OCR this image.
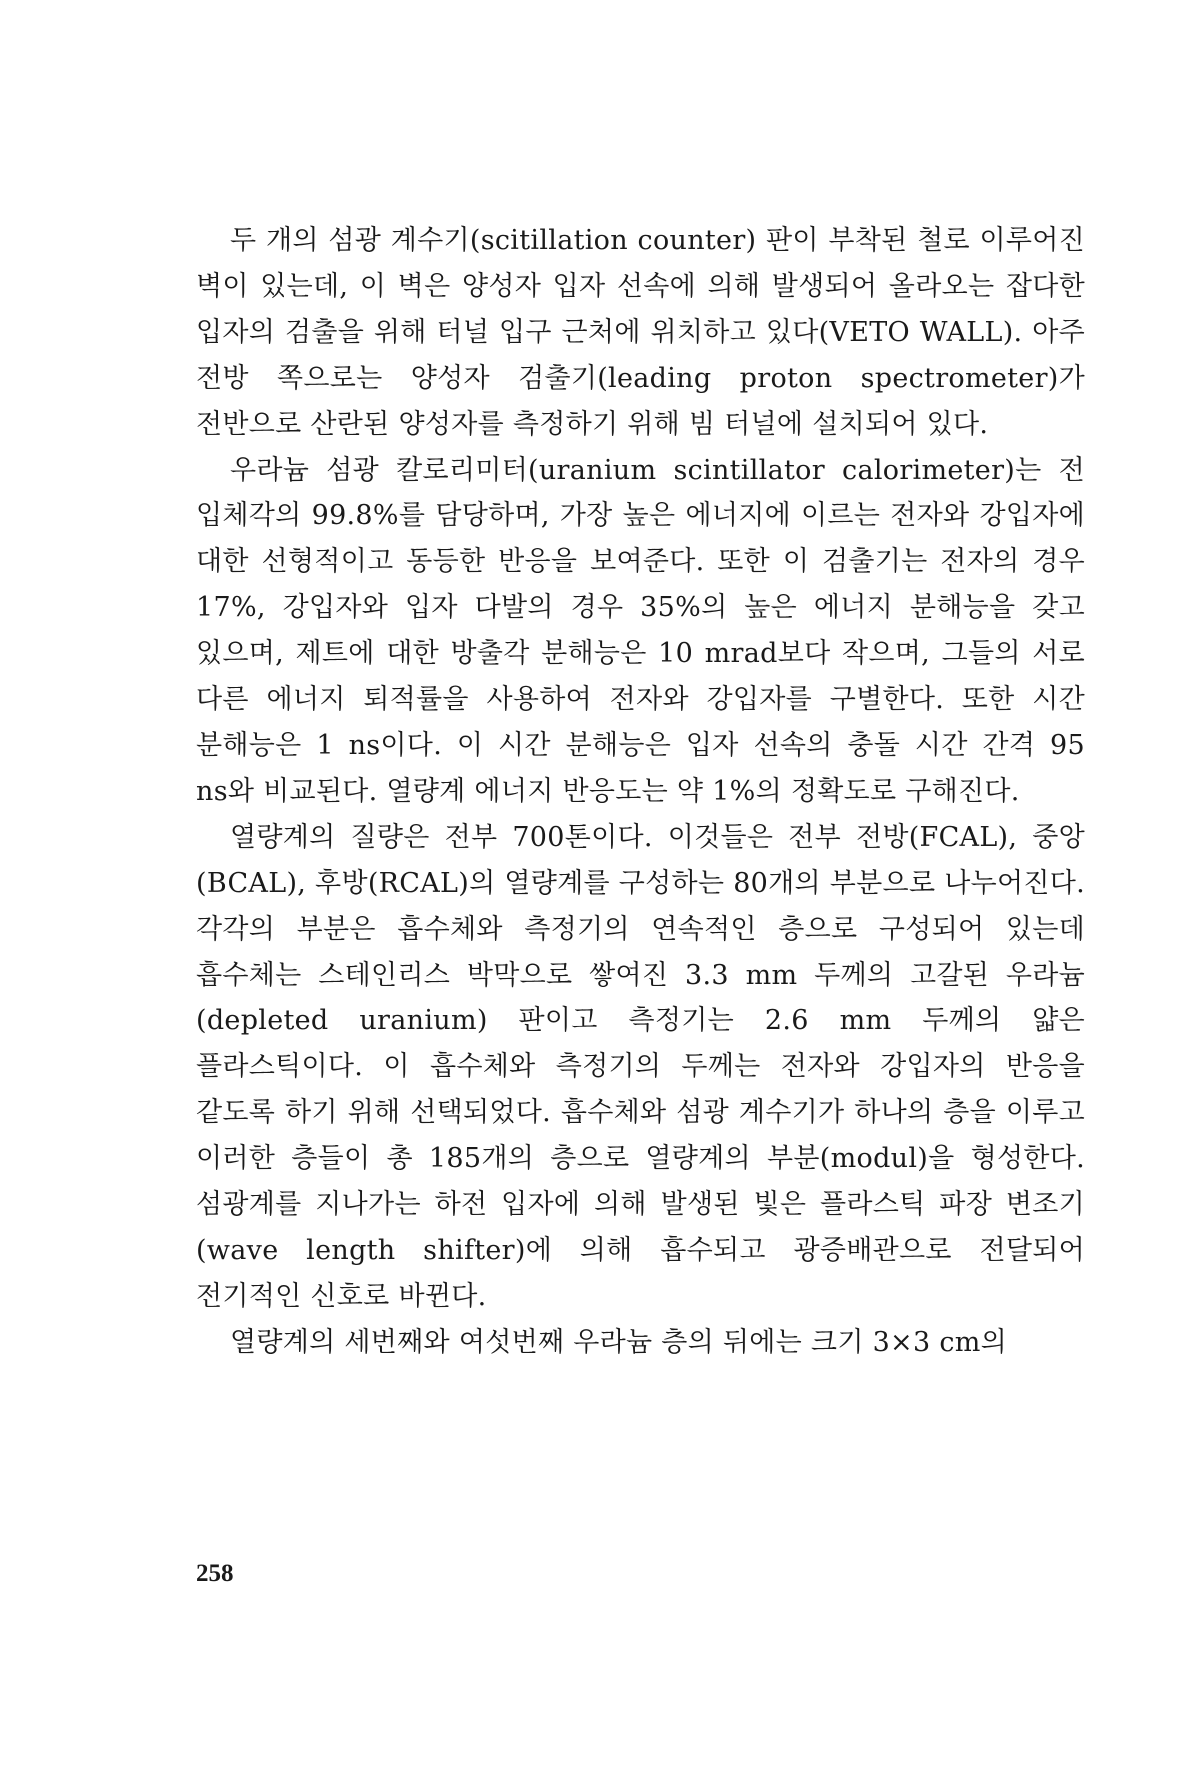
두 개의 섬광 계수기(scitillation counter) 판이 부착된 철로 이루어진 벽이 있는데, 이 벽은 양성자 입자 선속에 의해 발생되어 올라오는 잡다한 입자의 검출을 위해 터널 입구 근처에 위치하고 있다(VETO WALL). 아주 전방 쪽으로는 양성자 검출기(leading proton spectrometer)가 전반으로 산란된 양성자를 측정하기 위해 빔 터널에 설치되어 있다.

우라늄 섬광 칼로리미터(uranium scintillator calorimeter)는 전 입체각의 99.8%를 담당하며, 가장 높은 에너지에 이르는 전자와 강입자에 대한 선형적이고 동등한 반응을 보여준다. 또한 이 검출기는 전자의 경우 17%, 강입자와 입자 다발의 경우 35%의 높은 에너지 분해능을 갖고 있으며, 제트에 대한 방출각 분해능은 10 mrad보다 작으며, 그들의 서로 다른 에너지 퇴적률을 사용하여 전자와 강입자를 구별한다. 또한 시간 분해능은 1 ns이다. 이 시간 분해능은 입자 선속의 충돌 시간 간격 95 ns와 비교된다. 열량계 에너지 반응도는 약 1%의 정확도로 구해진다.

열량계의 질량은 전부 700톤이다. 이것들은 전부 전방(FCAL), 중앙(BCAL), 후방(RCAL)의 열량계를 구성하는 80개의 부분으로 나누어진다. 각각의 부분은 흡수체와 측정기의 연속적인 층으로 구성되어 있는데 흡수체는 스테인리스 박막으로 쌓여진 3.3 mm 두께의 고갈된 우라늄(depleted uranium) 판이고 측정기는 2.6 mm 두께의 얇은 플라스틱이다. 이 흡수체와 측정기의 두께는 전자와 강입자의 반응을 같도록 하기 위해 선택되었다. 흡수체와 섬광 계수기가 하나의 층을 이루고 이러한 층들이 총 185개의 층으로 열량계의 부분(modul)을 형성한다. 섬광계를 지나가는 하전 입자에 의해 발생된 빛은 플라스틱 파장 변조기(wave length shifter)에 의해 흡수되고 광증배관으로 전달되어 전기적인 신호로 바뀐다.

열량계의 세번째와 여섯번째 우라늄 층의 뒤에는 크기 3×3 cm의

258
